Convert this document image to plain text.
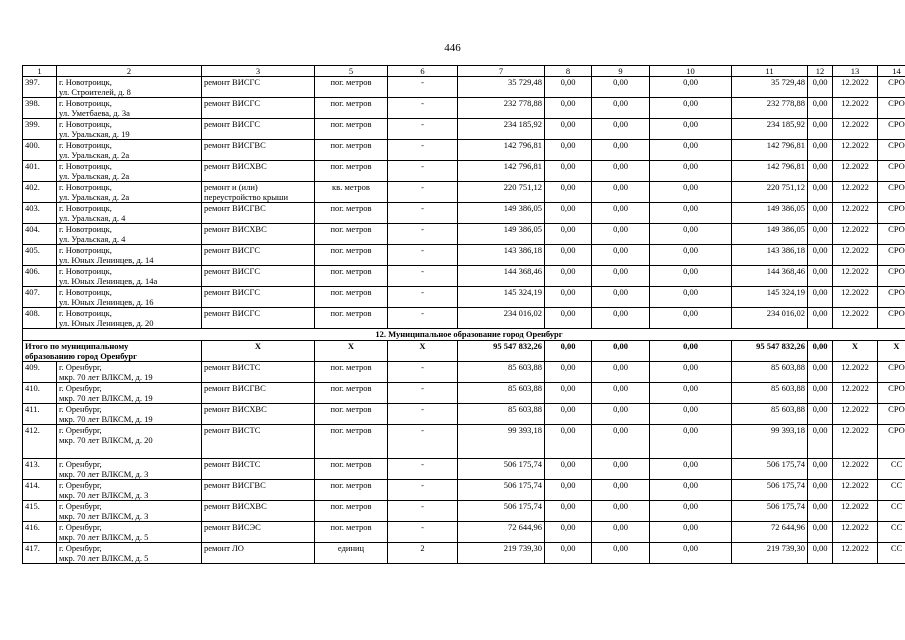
446
1	2	3	5	6	7	8	9	10	11	12	13	14
397.	г. Новотроицк,
ул. Строителей, д. 8	ремонт ВИСГС	пог. метров	-	35 729,48	0,00	0,00	0,00	35 729,48	0,00	12.2022	СРО
398.	г. Новотроицк,
ул. Уметбаева, д. 3а	ремонт ВИСГС	пог. метров	-	232 778,88	0,00	0,00	0,00	232 778,88	0,00	12.2022	СРО
399.	г. Новотроицк,
ул. Уральская, д. 19	ремонт ВИСГС	пог. метров	-	234 185,92	0,00	0,00	0,00	234 185,92	0,00	12.2022	СРО
400.	г. Новотроицк,
ул. Уральская, д. 2а	ремонт ВИСГВС	пог. метров	-	142 796,81	0,00	0,00	0,00	142 796,81	0,00	12.2022	СРО
401.	г. Новотроицк,
ул. Уральская, д. 2а	ремонт ВИСХВС	пог. метров	-	142 796,81	0,00	0,00	0,00	142 796,81	0,00	12.2022	СРО
402.	г. Новотроицк,
ул. Уральская, д. 2а	ремонт и (или)
переустройство крыши	кв. метров	-	220 751,12	0,00	0,00	0,00	220 751,12	0,00	12.2022	СРО
403.	г. Новотроицк,
ул. Уральская, д. 4	ремонт ВИСГВС	пог. метров	-	149 386,05	0,00	0,00	0,00	149 386,05	0,00	12.2022	СРО
404.	г. Новотроицк,
ул. Уральская, д. 4	ремонт ВИСХВС	пог. метров	-	149 386,05	0,00	0,00	0,00	149 386,05	0,00	12.2022	СРО
405.	г. Новотроицк,
ул. Юных Ленинцев, д. 14	ремонт ВИСГС	пог. метров	-	143 386,18	0,00	0,00	0,00	143 386,18	0,00	12.2022	СРО
406.	г. Новотроицк,
ул. Юных Ленинцев, д. 14а	ремонт ВИСГС	пог. метров	-	144 368,46	0,00	0,00	0,00	144 368,46	0,00	12.2022	СРО
407.	г. Новотроицк,
ул. Юных Ленинцев, д. 16	ремонт ВИСГС	пог. метров	-	145 324,19	0,00	0,00	0,00	145 324,19	0,00	12.2022	СРО
408.	г. Новотроицк,
ул. Юных Ленинцев, д. 20	ремонт ВИСГС	пог. метров	-	234 016,02	0,00	0,00	0,00	234 016,02	0,00	12.2022	СРО
12. Муниципальное образование город Оренбург												

Итого по муниципальному
образованию город Оренбург		X	X	X	95 547 832,26	0,00	0,00	0,00	95 547 832,26	0,00	X	X
409.	г. Оренбург,
мкр. 70 лет ВЛКСМ, д. 19	ремонт ВИСТС	пог. метров	-	85 603,88	0,00	0,00	0,00	85 603,88	0,00	12.2022	СРО
410.	г. Оренбург,
мкр. 70 лет ВЛКСМ, д. 19	ремонт ВИСГВС	пог. метров	-	85 603,88	0,00	0,00	0,00	85 603,88	0,00	12.2022	СРО
411.	г. Оренбург,
мкр. 70 лет ВЛКСМ, д. 19	ремонт ВИСХВС	пог. метров	-	85 603,88	0,00	0,00	0,00	85 603,88	0,00	12.2022	СРО
412.	г. Оренбург,
мкр. 70 лет ВЛКСМ, д. 20	ремонт ВИСТС	пог. метров	-	99 393,18	0,00	0,00	0,00	99 393,18	0,00	12.2022	СРО
413.	г. Оренбург,
мкр. 70 лет ВЛКСМ, д. 3	ремонт ВИСТС	пог. метров	-	506 175,74	0,00	0,00	0,00	506 175,74	0,00	12.2022	СС
414.	г. Оренбург,
мкр. 70 лет ВЛКСМ, д. 3	ремонт ВИСГВС	пог. метров	-	506 175,74	0,00	0,00	0,00	506 175,74	0,00	12.2022	СС
415.	г. Оренбург,
мкр. 70 лет ВЛКСМ, д. 3	ремонт ВИСХВС	пог. метров	-	506 175,74	0,00	0,00	0,00	506 175,74	0,00	12.2022	СС
416.	г. Оренбург,
мкр. 70 лет ВЛКСМ, д. 5	ремонт ВИСЭС	пог. метров	-	72 644,96	0,00	0,00	0,00	72 644,96	0,00	12.2022	СС
417.	г. Оренбург,
мкр. 70 лет ВЛКСМ, д. 5	ремонт ЛО	единиц	2	219 739,30	0,00	0,00	0,00	219 739,30	0,00	12.2022	СС
